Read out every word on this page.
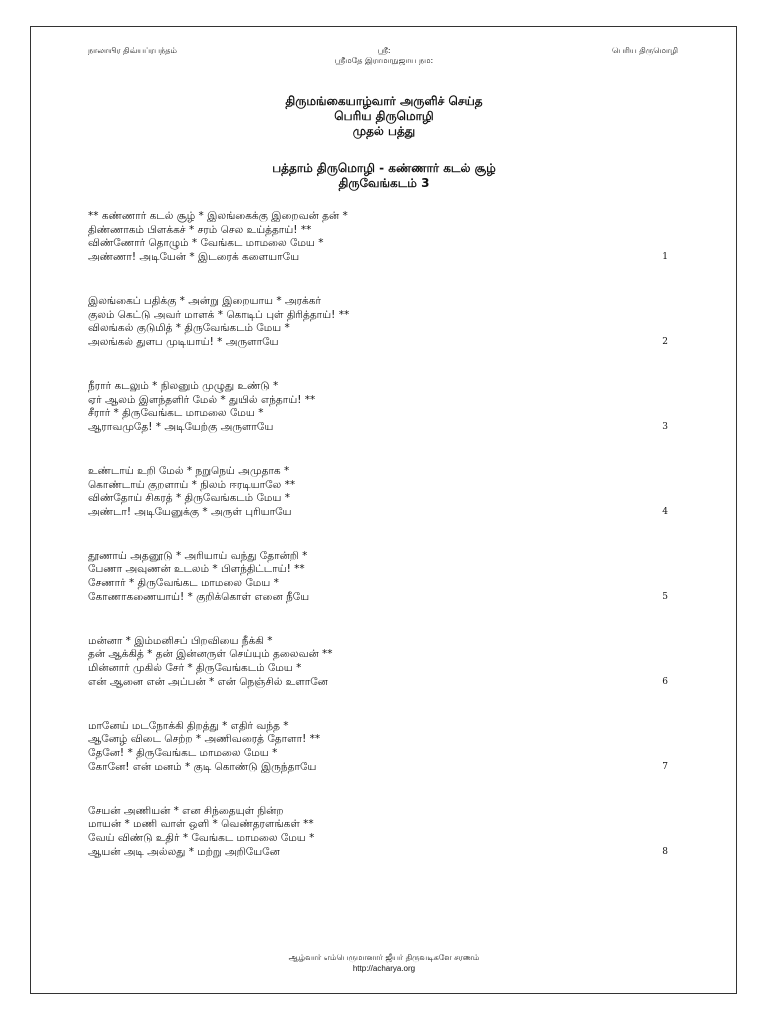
நாலாயிர திவ்யப்ரபந்தம்	ஸ்ரீ:
ஸ்ரீமதே இராமாநுஜாய நம:
பெரிய திருமொழி
திருமங்கையாழ்வார் அருளிச் செய்த
பெரிய திருமொழி
முதல் பத்து
பத்தாம் திருமொழி - கண்ணார் கடல் சூழ்
திருவேங்கடம் 3
** கண்ணார் கடல் சூழ் * இலங்கைக்கு இறைவன் தன் *
திண்ணாகம் பிளக்கச் * சரம் செல உய்த்தாய்! **
விண்ணோர் தொழும் * வேங்கட மாமலை மேய *
அண்ணா! அடியேன் * இடரைக் களையாயே	1
இலங்கைப் பதிக்கு * அன்று இறையாய * அரக்கர்
குலம் கெட்டு அவர் மாளக் * கொடிப் புள் திரித்தாய்! **
விலங்கல் குடுமித் * திருவேங்கடம் மேய *
அலங்கல் துளப முடியாய்! * அருளாயே	2
நீரார் கடலும் * நிலனும் முழுது உண்டு *
ஏர் ஆலம் இளந்தளிர் மேல் * துயில் எந்தாய்! **
சீரார் * திருவேங்கட மாமலை மேய *
ஆராவமுதே! * அடியேற்கு அருளாயே	3
உண்டாய் உறி மேல் * நறுநெய் அமுதாக *
கொண்டாய் குறளாய் * நிலம் ஈரடியாலே **
விண்தோய் சிகரத் * திருவேங்கடம் மேய *
அண்டா! அடியேனுக்கு * அருள் புரியாயே	4
தூணாய் அதனூடு * அரியாய் வந்து தோன்றி *
பேணா அவுணன் உடலம் * பிளந்திட்டாய்! **
சேணார் * திருவேங்கட மாமலை மேய *
கோணாகணையாய்! * குறிக்கொள் எனை நீயே	5
மன்னா * இம்மனிசப் பிறவியை நீக்கி *
தன் ஆக்கித் * தன் இன்னருள் செய்யும் தலைவன் **
மின்னார் முகில் சேர் * திருவேங்கடம் மேய *
என் ஆனை என் அப்பன் * என் நெஞ்சில் உளானே	6
மானேய் மடநோக்கி திறத்து * எதிர் வந்த *
ஆனேழ் விடை செற்ற * அணிவரைத் தோளா! **
தேனே! * திருவேங்கட மாமலை மேய *
கோனே! என் மனம் * குடி கொண்டு இருந்தாயே	7
சேயன் அணியன் * என சிந்தையுள் நின்ற
மாயன் * மணி வாள் ஒளி * வெண்தரளங்கள் **
வேய் விண்டு உதிர் * வேங்கட மாமலை மேய *
ஆயன் அடி அல்லது * மற்று அறியேனே	8
ஆழ்வார் எம்பெருமானார் ஜீயர் திருவடிகளே சரணம்
http://acharya.org
